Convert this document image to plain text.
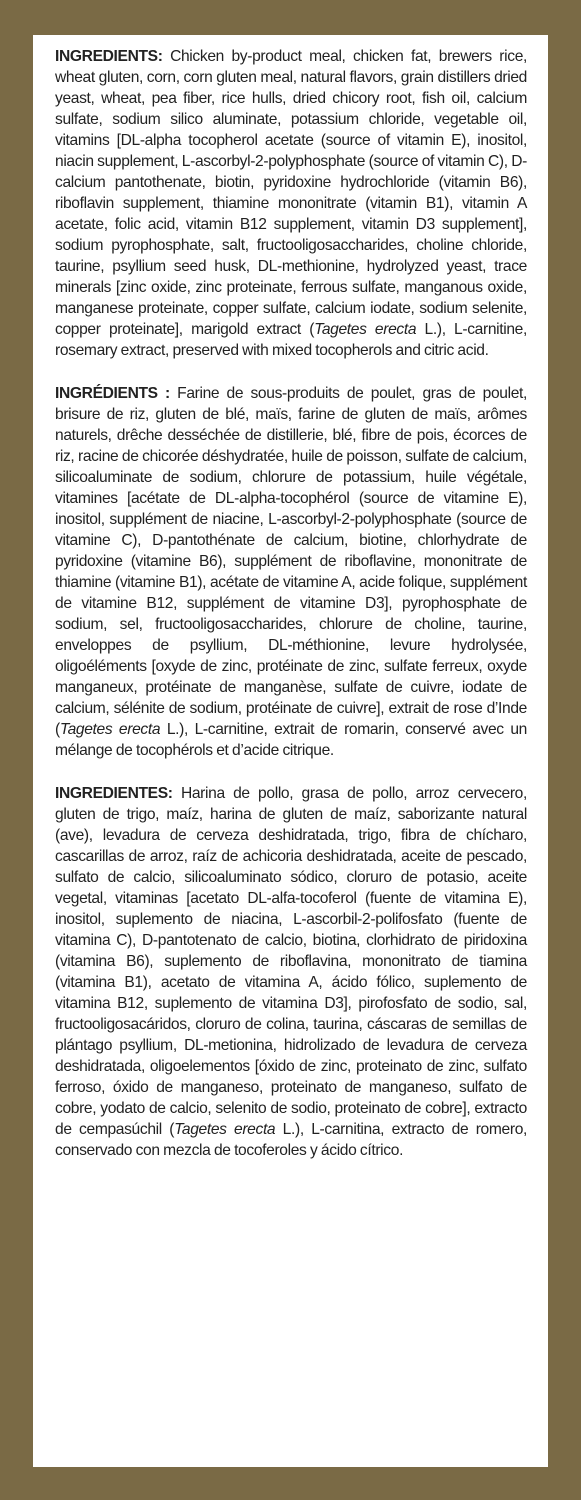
INGREDIENTS: Chicken by-product meal, chicken fat, brewers rice, wheat gluten, corn, corn gluten meal, natural flavors, grain distillers dried yeast, wheat, pea fiber, rice hulls, dried chicory root, fish oil, calcium sulfate, sodium silico aluminate, potassium chloride, vegetable oil, vitamins [DL-alpha tocopherol acetate (source of vitamin E), inositol, niacin supplement, L-ascorbyl-2-polyphosphate (source of vitamin C), D-calcium pantothenate, biotin, pyridoxine hydrochloride (vitamin B6), riboflavin supplement, thiamine mononitrate (vitamin B1), vitamin A acetate, folic acid, vitamin B12 supplement, vitamin D3 supplement], sodium pyrophosphate, salt, fructooligosaccharides, choline chloride, taurine, psyllium seed husk, DL-methionine, hydrolyzed yeast, trace minerals [zinc oxide, zinc proteinate, ferrous sulfate, manganous oxide, manganese proteinate, copper sulfate, calcium iodate, sodium selenite, copper proteinate], marigold extract (Tagetes erecta L.), L-carnitine, rosemary extract, preserved with mixed tocopherols and citric acid.

INGRÉDIENTS : Farine de sous-produits de poulet, gras de poulet, brisure de riz, gluten de blé, maïs, farine de gluten de maïs, arômes naturels, drêche desséchée de distillerie, blé, fibre de pois, écorces de riz, racine de chicorée déshydratée, huile de poisson, sulfate de calcium, silicoaluminate de sodium, chlorure de potassium, huile végétale, vitamines [acétate de DL-alpha-tocophérol (source de vitamine E), inositol, supplément de niacine, L-ascorbyl-2-polyphosphate (source de vitamine C), D-pantothénate de calcium, biotine, chlorhydrate de pyridoxine (vitamine B6), supplément de riboflavine, mononitrate de thiamine (vitamine B1), acétate de vitamine A, acide folique, supplément de vitamine B12, supplément de vitamine D3], pyrophosphate de sodium, sel, fructooligosaccharides, chlorure de choline, taurine, enveloppes de psyllium, DL-méthionine, levure hydrolysée, oligoéléments [oxyde de zinc, protéinate de zinc, sulfate ferreux, oxyde manganeux, protéinate de manganèse, sulfate de cuivre, iodate de calcium, sélénite de sodium, protéinate de cuivre], extrait de rose d’Inde (Tagetes erecta L.), L-carnitine, extrait de romarin, conservé avec un mélange de tocophérols et d’acide citrique.

INGREDIENTES: Harina de pollo, grasa de pollo, arroz cervecero, gluten de trigo, maíz, harina de gluten de maíz, saborizante natural (ave), levadura de cerveza deshidratada, trigo, fibra de chícharo, cascarillas de arroz, raíz de achicoria deshidratada, aceite de pescado, sulfato de calcio, silicoaluminato sódico, cloruro de potasio, aceite vegetal, vitaminas [acetato DL-alfa-tocoferol (fuente de vitamina E), inositol, suplemento de niacina, L-ascorbil-2-polifosfato (fuente de vitamina C), D-pantotenato de calcio, biotina, clorhidrato de piridoxina (vitamina B6), suplemento de riboflavina, mononitrato de tiamina (vitamina B1), acetato de vitamina A, ácido fólico, suplemento de vitamina B12, suplemento de vitamina D3], pirofosfato de sodio, sal, fructooligosacáridos, cloruro de colina, taurina, cáscaras de semillas de plántago psyllium, DL-metionina, hidrolizado de levadura de cerveza deshidratada, oligoelementos [óxido de zinc, proteinato de zinc, sulfato ferroso, óxido de manganeso, proteinato de manganeso, sulfato de cobre, yodato de calcio, selenito de sodio, proteinato de cobre], extracto de cempasúchil (Tagetes erecta L.), L-carnitina, extracto de romero, conservado con mezcla de tocoferoles y ácido cítrico.
